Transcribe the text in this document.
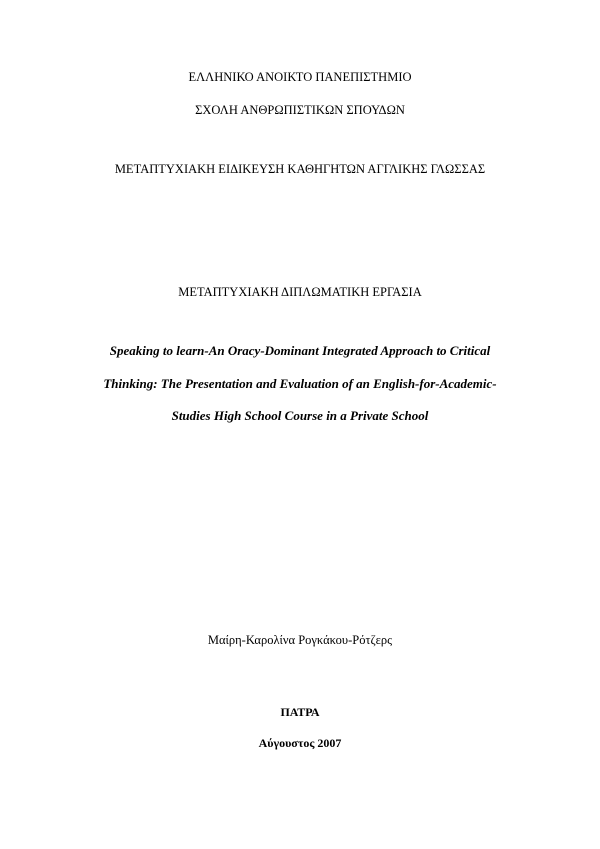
ΕΛΛΗΝΙΚΟ ΑΝΟΙΚΤΟ ΠΑΝΕΠΙΣΤΗΜΙΟ
ΣΧΟΛΗ ΑΝΘΡΩΠΙΣΤΙΚΩΝ ΣΠΟΥΔΩΝ
ΜΕΤΑΠΤΥΧΙΑΚΗ ΕΙΔΙΚΕΥΣΗ ΚΑΘΗΓΗΤΩΝ ΑΓΓΛΙΚΗΣ ΓΛΩΣΣΑΣ
ΜΕΤΑΠΤΥΧΙΑΚΗ ΔΙΠΛΩΜΑΤΙΚΗ ΕΡΓΑΣΙΑ
Speaking to learn-An Oracy-Dominant Integrated Approach to Critical
Thinking: The Presentation and Evaluation of an English-for-Academic-
Studies High School Course in a Private School
Μαίρη-Καρολίνα Ρογκάκου-Ρότζερς
ΠΑΤΡΑ
Αύγουστος 2007
